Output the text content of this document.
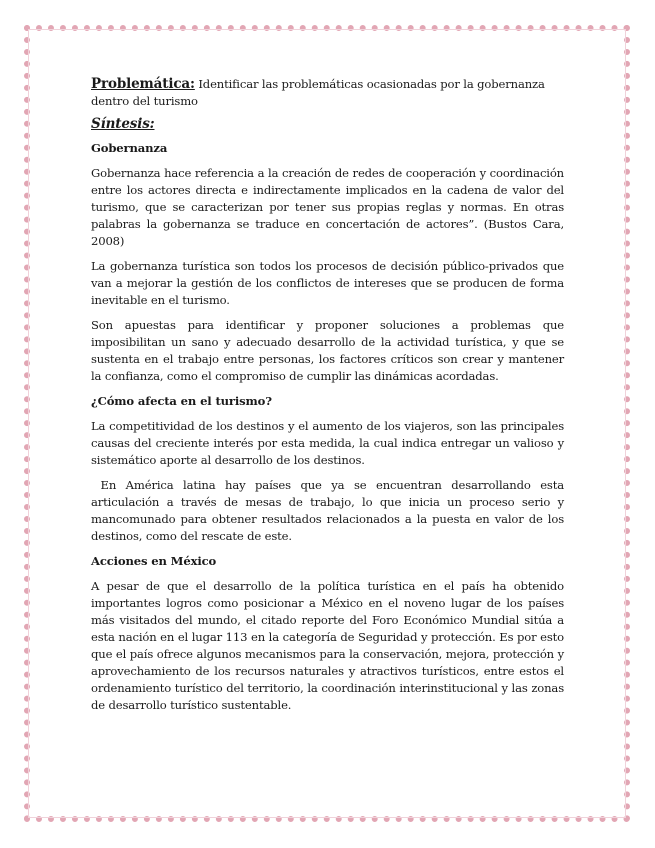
Problemática: Identificar las problemáticas ocasionadas por la gobernanza dentro del turismo

Síntesis:

Gobernanza

Gobernanza hace referencia a la creación de redes de cooperación y coordinación entre los actores directa e indirectamente implicados en la cadena de valor del turismo, que se caracterizan por tener sus propias reglas y normas. En otras palabras la gobernanza se traduce en concertación de actores”. (Bustos Cara, 2008)

La gobernanza turística son todos los procesos de decisión público-privados que van a mejorar la gestión de los conflictos de intereses que se producen de forma inevitable en el turismo.

Son apuestas para identificar y proponer soluciones a problemas que imposibilitan un sano y adecuado desarrollo de la actividad turística, y que se sustenta en el trabajo entre personas, los factores críticos son crear y mantener la confianza, como el compromiso de cumplir las dinámicas acordadas.

¿Cómo afecta en el turismo?

La competitividad de los destinos y el aumento de los viajeros, son las principales causas del creciente interés por esta medida, la cual indica entregar un valioso y sistemático aporte al desarrollo de los destinos.

En América latina hay países que ya se encuentran desarrollando esta articulación a través de mesas de trabajo, lo que inicia un proceso serio y mancomunado para obtener resultados relacionados a la puesta en valor de los destinos, como del rescate de este.

Acciones en México

A pesar de que el desarrollo de la política turística en el país ha obtenido importantes logros como posicionar a México en el noveno lugar de los países más visitados del mundo, el citado reporte del Foro Económico Mundial sitúa a esta nación en el lugar 113 en la categoría de Seguridad y protección. Es por esto que el país ofrece algunos mecanismos para la conservación, mejora, protección y aprovechamiento de los recursos naturales y atractivos turísticos, entre estos el ordenamiento turístico del territorio, la coordinación interinstitucional y las zonas de desarrollo turístico sustentable.
